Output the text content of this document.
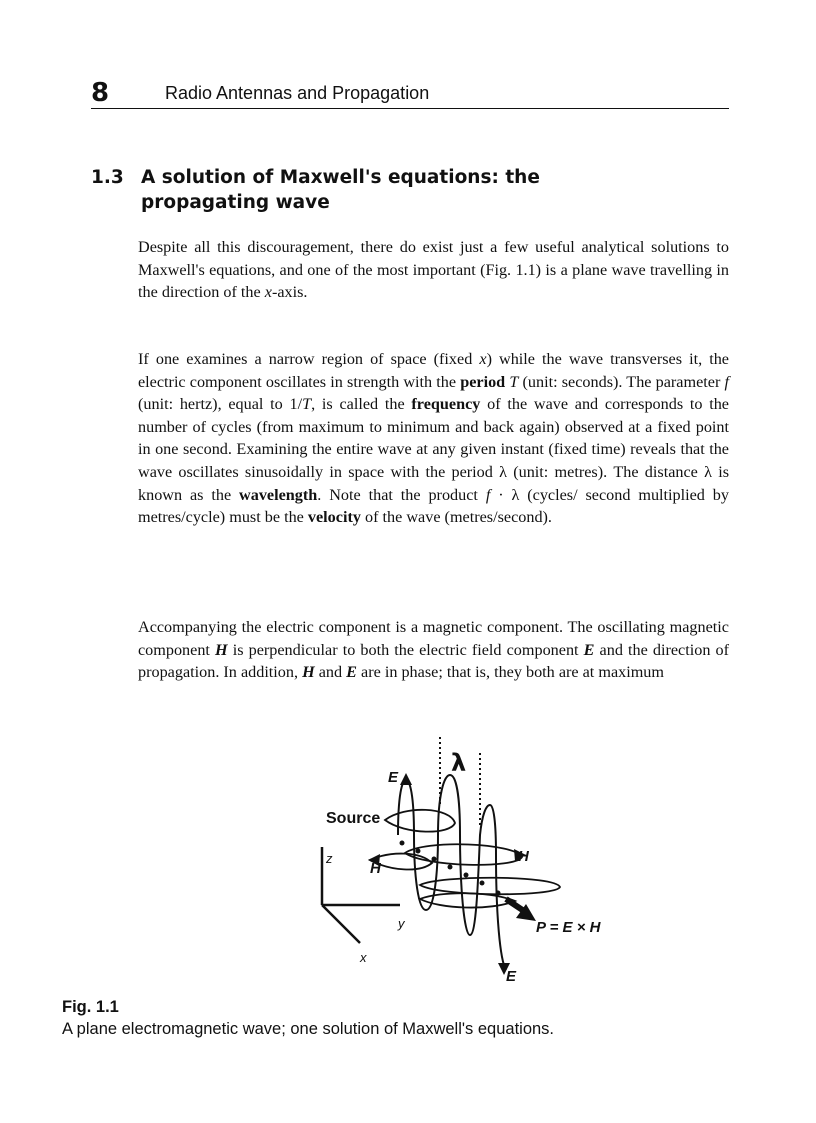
8	Radio Antennas and Propagation
1.3 A solution of Maxwell's equations: the
propagating wave

Despite all this discouragement, there do exist just a few useful analytical solutions to Maxwell's equations, and one of the most important (Fig. 1.1) is a plane wave travelling in the direction of the x-axis.

If one examines a narrow region of space (fixed x) while the wave transverses it, the electric component oscillates in strength with the period T (unit: seconds). The parameter f (unit: hertz), equal to 1/T, is called the frequency of the wave and corresponds to the number of cycles (from maximum to minimum and back again) observed at a fixed point in one second. Examining the entire wave at any given instant (fixed time) reveals that the wave oscillates sinusoidally in space with the period λ (unit: metres). The distance λ is known as the wavelength. Note that the product f · λ (cycles/ second multiplied by metres/cycle) must be the velocity of the wave (metres/second).

Accompanying the electric component is a magnetic component. The oscillating magnetic component H is perpendicular to both the electric field component E and the direction of propagation. In addition, H and E are in phase; that is, they both are at maximum

λ
E
Source
H
H
z
y
x
P = E × H
E
Fig. 1.1
A plane electromagnetic wave; one solution of Maxwell's equations.
